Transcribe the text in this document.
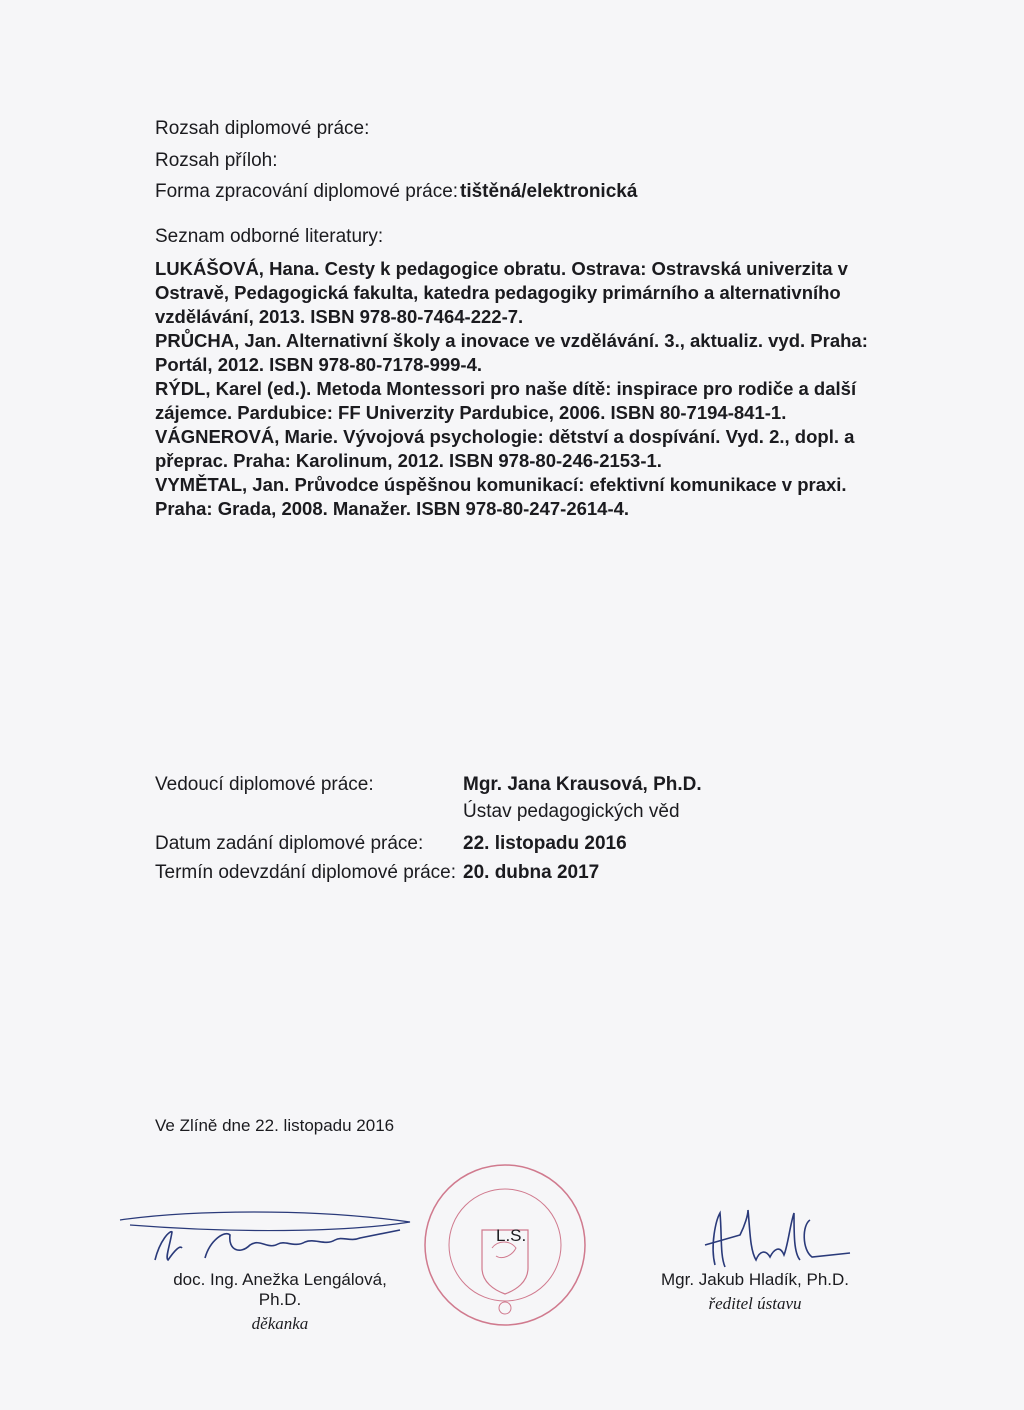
Rozsah diplomové práce:
Rozsah příloh:
Forma zpracování diplomové práce: tištěná/elektronická
Seznam odborné literatury:
LUKÁŠOVÁ, Hana. Cesty k pedagogice obratu. Ostrava: Ostravská univerzita v Ostravě, Pedagogická fakulta, katedra pedagogiky primárního a alternativního vzdělávání, 2013. ISBN 978-80-7464-222-7.
PRŮCHA, Jan. Alternativní školy a inovace ve vzdělávání. 3., aktualiz. vyd. Praha: Portál, 2012. ISBN 978-80-7178-999-4.
RÝDL, Karel (ed.). Metoda Montessori pro naše dítě: inspirace pro rodiče a další zájemce. Pardubice: FF Univerzity Pardubice, 2006. ISBN 80-7194-841-1.
VÁGNEROVÁ, Marie. Vývojová psychologie: dětství a dospívání. Vyd. 2., dopl. a přeprac. Praha: Karolinum, 2012. ISBN 978-80-246-2153-1.
VYMĚTAL, Jan. Průvodce úspěšnou komunikací: efektivní komunikace v praxi. Praha: Grada, 2008. Manažer. ISBN 978-80-247-2614-4.
Vedoucí diplomové práce:	Mgr. Jana Krausová, Ph.D.
Ústav pedagogických věd
Datum zadání diplomové práce: 22. listopadu 2016
Termín odevzdání diplomové práce: 20. dubna 2017
Ve Zlíně dne 22. listopadu 2016
L.S.
doc. Ing. Anežka Lengálová, Ph.D.
děkanka
Mgr. Jakub Hladík, Ph.D.
ředitel ústavu
